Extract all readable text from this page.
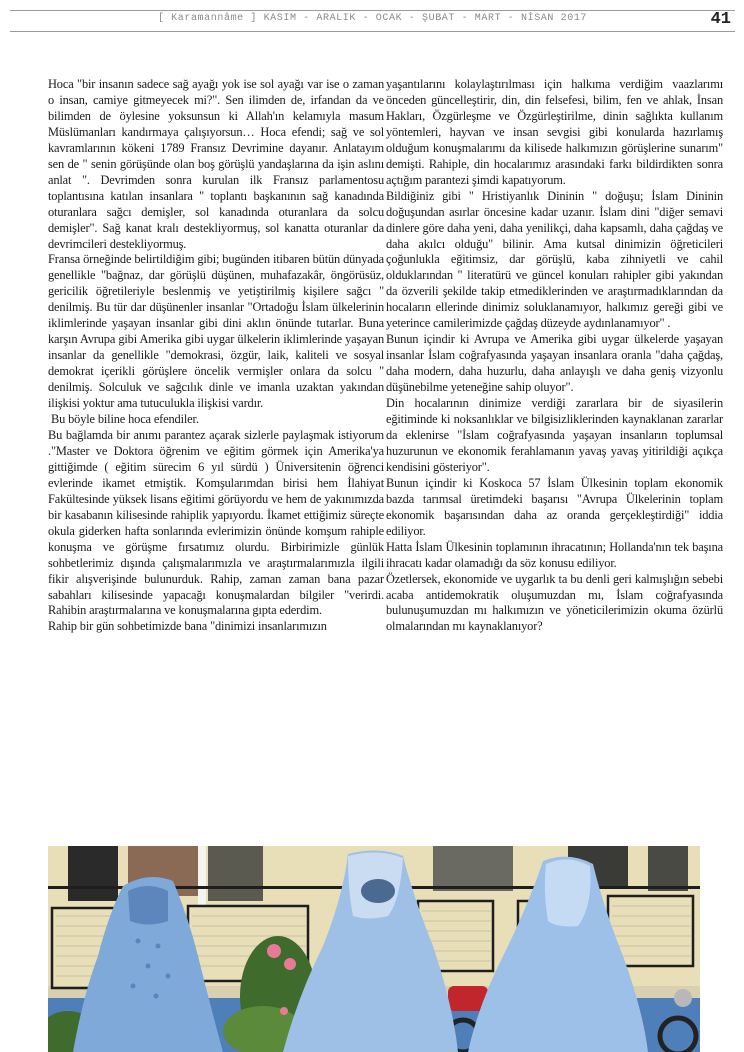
[ Karamannâme ] KASIM - ARALIK - OCAK - ŞUBAT - MART - NİSAN 2017	41

Hoca "bir insanın sadece sağ ayağı yok ise sol ayağı var ise o zaman o insan, camiye gitmeyecek mi?". Sen ilimden de, irfandan da ve bilimden de öylesine yoksunsun ki Allah'ın kelamıyla masum Müslümanları kandırmaya çalışıyorsun… Hoca efendi; sağ ve sol kavramlarının kökeni 1789 Fransız Devrimine dayanır. Anlatayım sen de " senin görüşünde olan boş görüşlü yandaşlarına da işin aslını anlat ". Devrimden sonra kurulan ilk Fransız parlamentosu toplantısına katılan insanlara " toplantı başkanının sağ kanadında oturanlara sağcı demişler, sol kanadında oturanlara da solcu demişler". Sağ kanat kralı destekliyormuş, sol kanatta oturanlar da devrimcileri destekliyormuş.

Fransa örneğinde belirtildiğim gibi; bugünden itibaren bütün dünyada genellikle "bağnaz, dar görüşlü düşünen, muhafazakâr, öngörüsüz, gericilik öğretileriyle beslenmiş ve yetiştirilmiş kişilere sağcı " denilmiş. Bu tür dar düşünenler insanlar "Ortadoğu İslam ülkelerinin iklimlerinde yaşayan insanlar gibi dini aklın önünde tutarlar. Buna karşın Avrupa gibi Amerika gibi uygar ülkelerin iklimlerinde yaşayan insanlar da genellikle "demokrasi, özgür, laik, kaliteli ve sosyal demokrat içerikli görüşlere öncelik vermişler onlara da solcu " denilmiş. Solculuk ve sağcılık dinle ve imanla uzaktan yakından ilişkisi yoktur ama tutuculukla ilişkisi vardır.

Bu böyle biline hoca efendiler.

Bu bağlamda bir anımı parantez açarak sizlerle paylaşmak istiyorum ."Master ve Doktora öğrenim ve eğitim görmek için Amerika'ya gittiğimde ( eğitim sürecim 6 yıl sürdü ) Üniversitenin öğrenci evlerinde ikamet etmiştik. Komşularımdan birisi hem İlahiyat Fakültesinde yüksek lisans eğitimi görüyordu ve hem de yakınımızda bir kasabanın kilisesinde rahiplik yapıyordu. İkamet ettiğimiz süreçte okula giderken hafta sonlarında evlerimizin önünde komşum rahiple konuşma ve görüşme fırsatımız olurdu. Birbirimizle günlük sohbetlerimiz dışında çalışmalarımızla ve araştırmalarımızla ilgili fikir alışverişinde bulunurduk. Rahip, zaman zaman bana pazar sabahları kilisesinde yapacağı konuşmalardan bilgiler "verirdi. Rahibin araştırmalarına ve konuşmalarına gıpta ederdim.

Rahip bir gün sohbetimizde bana "dinimizi insanlarımızın

yaşantılarını kolaylaştırılması için halkıma verdiğim vaazlarımı önceden güncelleştirir, din, din felsefesi, bilim, fen ve ahlak, İnsan Hakları, Özgürleşme ve Özgürleştirilme, dinin sağlıkta kullanım yöntemleri, hayvan ve insan sevgisi gibi konularda hazırlamış olduğum konuşmalarımı da kilisede halkımızın görüşlerine sunarım" demişti. Rahiple, din hocalarımız arasındaki farkı bildirdikten sonra açtığım parantezi şimdi kapatıyorum.

Bildiğiniz gibi " Hristiyanlık Dininin " doğuşu; İslam Dininin doğuşundan asırlar öncesine kadar uzanır. İslam dini "diğer semavi dinlere göre daha yeni, daha yenilikçi, daha kapsamlı, daha çağdaş ve daha akılcı olduğu" bilinir. Ama kutsal dinimizin öğreticileri çoğunlukla eğitimsiz, dar görüşlü, kaba zihniyetli ve cahil olduklarından " literatürü ve güncel konuları rahipler gibi yakından da özverili şekilde takip etmediklerinden ve araştırmadıklarından da hocaların ellerinde dinimiz soluklanamıyor, halkımız gereği gibi ve yeterince camilerimizde çağdaş düzeyde aydınlanamıyor" .

Bunun içindir ki Avrupa ve Amerika gibi uygar ülkelerde yaşayan insanlar İslam coğrafyasında yaşayan insanlara oranla "daha çağdaş, daha modern, daha huzurlu, daha anlayışlı ve daha geniş vizyonlu düşünebilme yeteneğine sahip oluyor".

Din hocalarının dinimize verdiği zararlara bir de siyasilerin eğitiminde ki noksanlıklar ve bilgisizliklerinden kaynaklanan zararlar da eklenirse "İslam coğrafyasında yaşayan insanların toplumsal huzurunun ve ekonomik ferahlamanın yavaş yavaş yitirildiği açıkça kendisini gösteriyor".

Bunun içindir ki Koskoca 57 İslam Ülkesinin toplam ekonomik bazda tarımsal üretimdeki başarısı "Avrupa Ülkelerinin toplam ekonomik başarısından daha az oranda gerçekleştirdiği" iddia ediliyor.

Hatta İslam Ülkesinin toplamının ihracatının; Hollanda'nın tek başına ihracatı kadar olamadığı da söz konusu ediliyor.

Özetlersek, ekonomide ve uygarlık ta bu denli geri kalmışlığın sebebi acaba antidemokratik oluşumuzdan mı, İslam coğrafyasında bulunuşumuzdan mı halkımızın ve yöneticilerimizin okuma özürlü olmalarından mı kaynaklanıyor?
